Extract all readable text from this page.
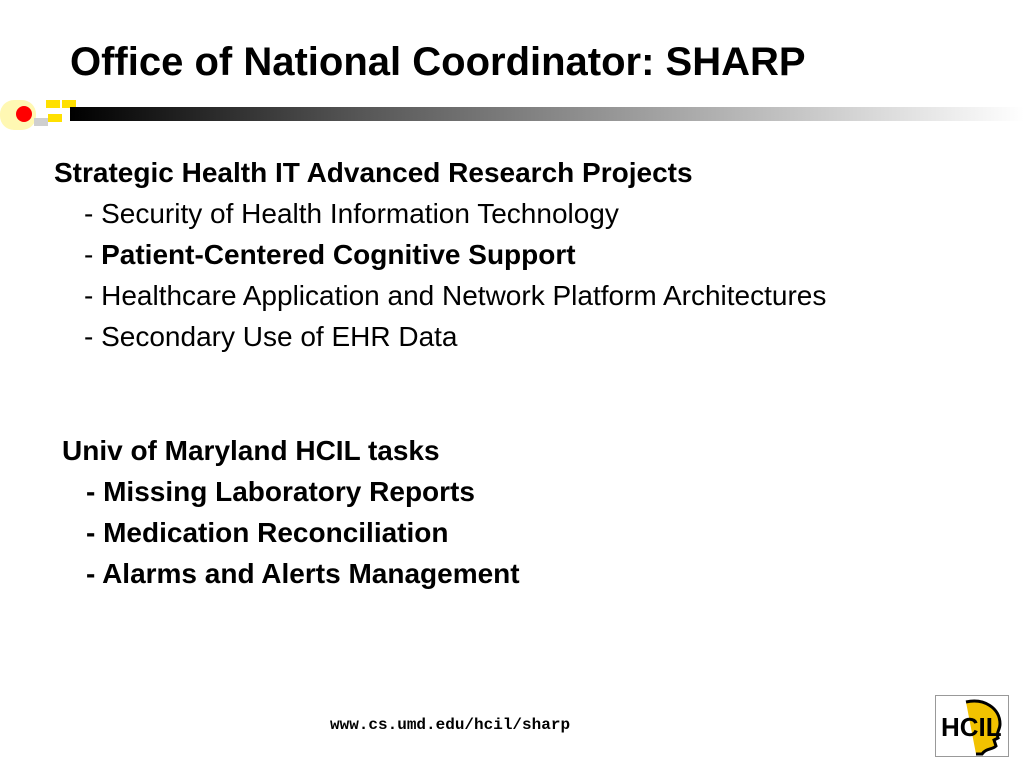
Office of National Coordinator: SHARP
Strategic Health IT Advanced Research Projects
- Security of Health Information Technology
- Patient-Centered Cognitive Support
- Healthcare Application and Network Platform Architectures
- Secondary Use of EHR Data
Univ of Maryland HCIL tasks
- Missing Laboratory Reports
- Medication Reconciliation
- Alarms and Alerts Management
www.cs.umd.edu/hcil/sharp	HCIL
